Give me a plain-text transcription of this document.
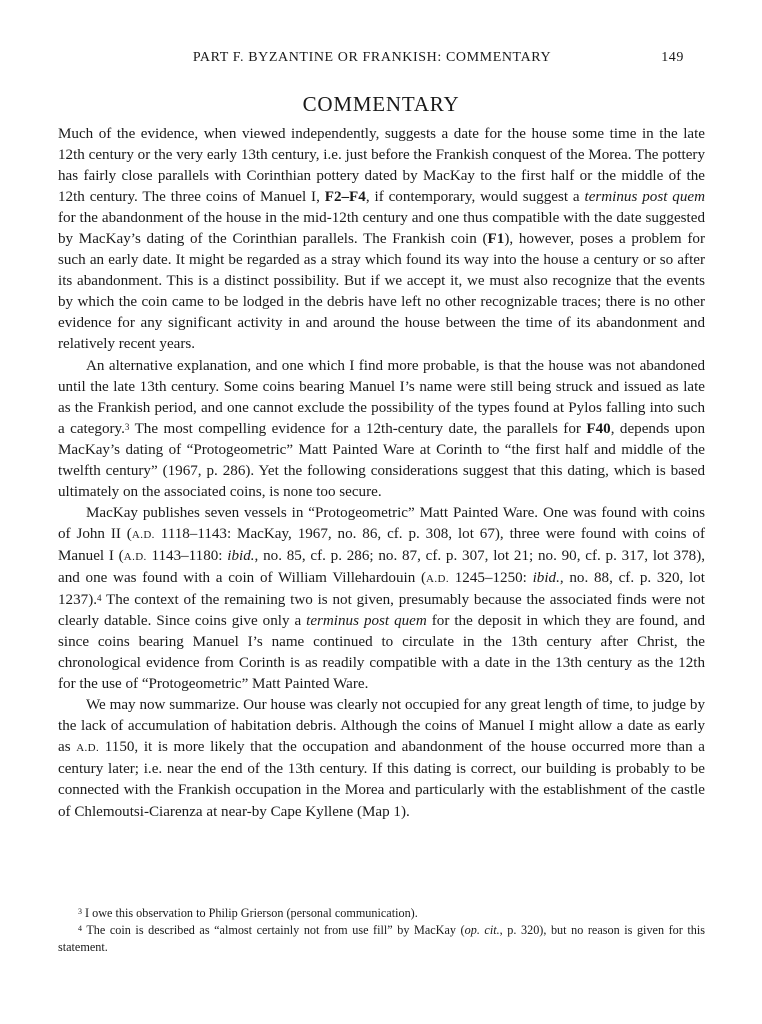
PART F. BYZANTINE OR FRANKISH: COMMENTARY	149
COMMENTARY

Much of the evidence, when viewed independently, suggests a date for the house some time in the late 12th century or the very early 13th century, i.e. just before the Frankish conquest of the Morea. The pottery has fairly close parallels with Corinthian pottery dated by MacKay to the first half or the middle of the 12th century. The three coins of Manuel I, F2–F4, if contemporary, would suggest a terminus post quem for the abandonment of the house in the mid-12th century and one thus compatible with the date suggested by MacKay’s dating of the Corinthian parallels. The Frankish coin (F1), however, poses a problem for such an early date. It might be regarded as a stray which found its way into the house a century or so after its abandonment. This is a distinct possibility. But if we accept it, we must also recognize that the events by which the coin came to be lodged in the debris have left no other recognizable traces; there is no other evidence for any significant activity in and around the house between the time of its abandonment and relatively recent years.

An alternative explanation, and one which I find more probable, is that the house was not abandoned until the late 13th century. Some coins bearing Manuel I’s name were still being struck and issued as late as the Frankish period, and one cannot exclude the possibility of the types found at Pylos falling into such a category.$^3$ The most compelling evidence for a 12th-century date, the parallels for F40, depends upon MacKay’s dating of “Protogeometric” Matt Painted Ware at Corinth to “the first half and middle of the twelfth century” (1967, p. 286). Yet the following considerations suggest that this dating, which is based ultimately on the associated coins, is none too secure.

MacKay publishes seven vessels in “Protogeometric” Matt Painted Ware. One was found with coins of John II (A.D. 1118–1143: MacKay, 1967, no. 86, cf. p. 308, lot 67), three were found with coins of Manuel I (A.D. 1143–1180: ibid., no. 85, cf. p. 286; no. 87, cf. p. 307, lot 21; no. 90, cf. p. 317, lot 378), and one was found with a coin of William Villehardouin (A.D. 1245–1250: ibid., no. 88, cf. p. 320, lot 1237).$^4$ The context of the remaining two is not given, presumably because the associated finds were not clearly datable. Since coins give only a terminus post quem for the deposit in which they are found, and since coins bearing Manuel I’s name continued to circulate in the 13th century after Christ, the chronological evidence from Corinth is as readily compatible with a date in the 13th century as the 12th for the use of “Protogeometric” Matt Painted Ware.

We may now summarize. Our house was clearly not occupied for any great length of time, to judge by the lack of accumulation of habitation debris. Although the coins of Manuel I might allow a date as early as A.D. 1150, it is more likely that the occupation and abandonment of the house occurred more than a century later; i.e. near the end of the 13th century. If this dating is correct, our building is probably to be connected with the Frankish occupation in the Morea and particularly with the establishment of the castle of Chlemoutsi-Ciarenza at near-by Cape Kyllene (Map 1).

$^3$ I owe this observation to Philip Grierson (personal communication).

$^4$ The coin is described as “almost certainly not from use fill” by MacKay (op. cit., p. 320), but no reason is given for this statement.
